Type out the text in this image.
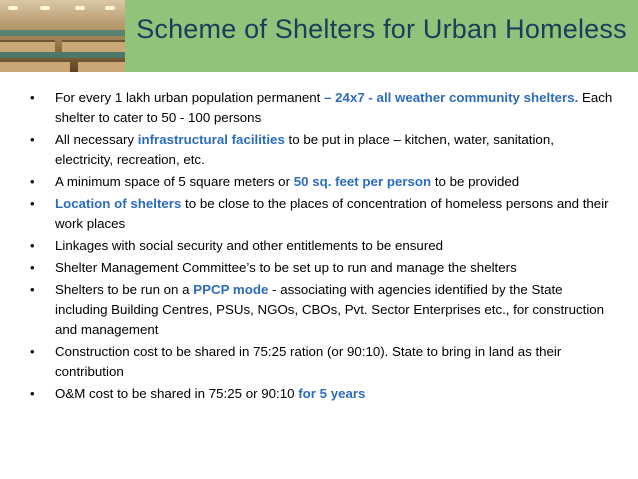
Scheme of Shelters for Urban Homeless
• For every 1 lakh urban population permanent – 24x7 - all weather community shelters. Each shelter to cater to 50 - 100 persons
• All necessary infrastructural facilities to be put in place – kitchen, water, sanitation, electricity, recreation, etc.
• A minimum space of 5 square meters or 50 sq. feet per person to be provided
• Location of shelters to be close to the places of concentration of homeless persons and their work places
• Linkages with social security and other entitlements to be ensured
• Shelter Management Committee’s to be set up to run and manage the shelters
• Shelters to be run on a PPCP mode - associating with agencies identified by the State including Building Centres, PSUs, NGOs, CBOs, Pvt. Sector Enterprises etc., for construction and management
• Construction cost to be shared in 75:25 ration (or 90:10). State to bring in land as their contribution
• O&M cost to be shared in 75:25 or 90:10 for 5 years
